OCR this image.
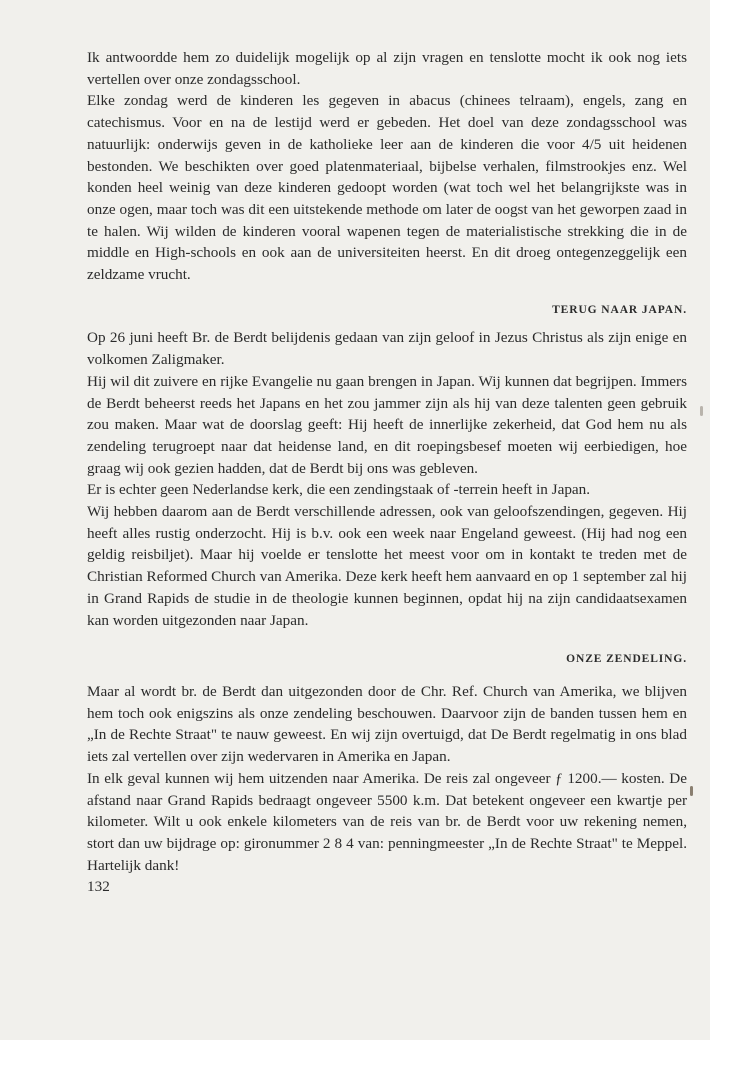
Ik antwoordde hem zo duidelijk mogelijk op al zijn vragen en tenslotte mocht ik ook nog iets vertellen over onze zondagsschool.

Elke zondag werd de kinderen les gegeven in abacus (chinees telraam), engels, zang en catechismus. Voor en na de lestijd werd er gebeden. Het doel van deze zondagsschool was natuurlijk: onderwijs geven in de katholieke leer aan de kinderen die voor 4/5 uit heidenen bestonden. We beschikten over goed platenmateriaal, bijbelse verhalen, filmstrookjes enz. Wel konden heel weinig van deze kinderen gedoopt worden (wat toch wel het belangrijkste was in onze ogen, maar toch was dit een uitstekende methode om later de oogst van het geworpen zaad in te halen. Wij wilden de kinderen vooral wapenen tegen de materialistische strekking die in de middle en High-schools en ook aan de universiteiten heerst. En dit droeg ontegenzeggelijk een zeldzame vrucht.

TERUG NAAR JAPAN.

Op 26 juni heeft Br. de Berdt belijdenis gedaan van zijn geloof in Jezus Christus als zijn enige en volkomen Zaligmaker.

Hij wil dit zuivere en rijke Evangelie nu gaan brengen in Japan. Wij kunnen dat begrijpen. Immers de Berdt beheerst reeds het Japans en het zou jammer zijn als hij van deze talenten geen gebruik zou maken. Maar wat de doorslag geeft: Hij heeft de innerlijke zekerheid, dat God hem nu als zendeling terugroept naar dat heidense land, en dit roepingsbesef moeten wij eerbiedigen, hoe graag wij ook gezien hadden, dat de Berdt bij ons was gebleven.

Er is echter geen Nederlandse kerk, die een zendingstaak of -terrein heeft in Japan.

Wij hebben daarom aan de Berdt verschillende adressen, ook van geloofszendingen, gegeven. Hij heeft alles rustig onderzocht. Hij is b.v. ook een week naar Engeland geweest. (Hij had nog een geldig reisbiljet). Maar hij voelde er tenslotte het meest voor om in kontakt te treden met de Christian Reformed Church van Amerika. Deze kerk heeft hem aanvaard en op 1 september zal hij in Grand Rapids de studie in de theologie kunnen beginnen, opdat hij na zijn candidaatsexamen kan worden uitgezonden naar Japan.

ONZE ZENDELING.

Maar al wordt br. de Berdt dan uitgezonden door de Chr. Ref. Church van Amerika, we blijven hem toch ook enigszins als onze zendeling beschouwen. Daarvoor zijn de banden tussen hem en „In de Rechte Straat" te nauw geweest. En wij zijn overtuigd, dat De Berdt regelmatig in ons blad iets zal vertellen over zijn wedervaren in Amerika en Japan.

In elk geval kunnen wij hem uitzenden naar Amerika. De reis zal ongeveer ƒ 1200.— kosten. De afstand naar Grand Rapids bedraagt ongeveer 5500 k.m. Dat betekent ongeveer een kwartje per kilometer. Wilt u ook enkele kilometers van de reis van br. de Berdt voor uw rekening nemen, stort dan uw bijdrage op: gironummer 2 8 4 van: penningmeester „In de Rechte Straat" te Meppel. Hartelijk dank!

132
